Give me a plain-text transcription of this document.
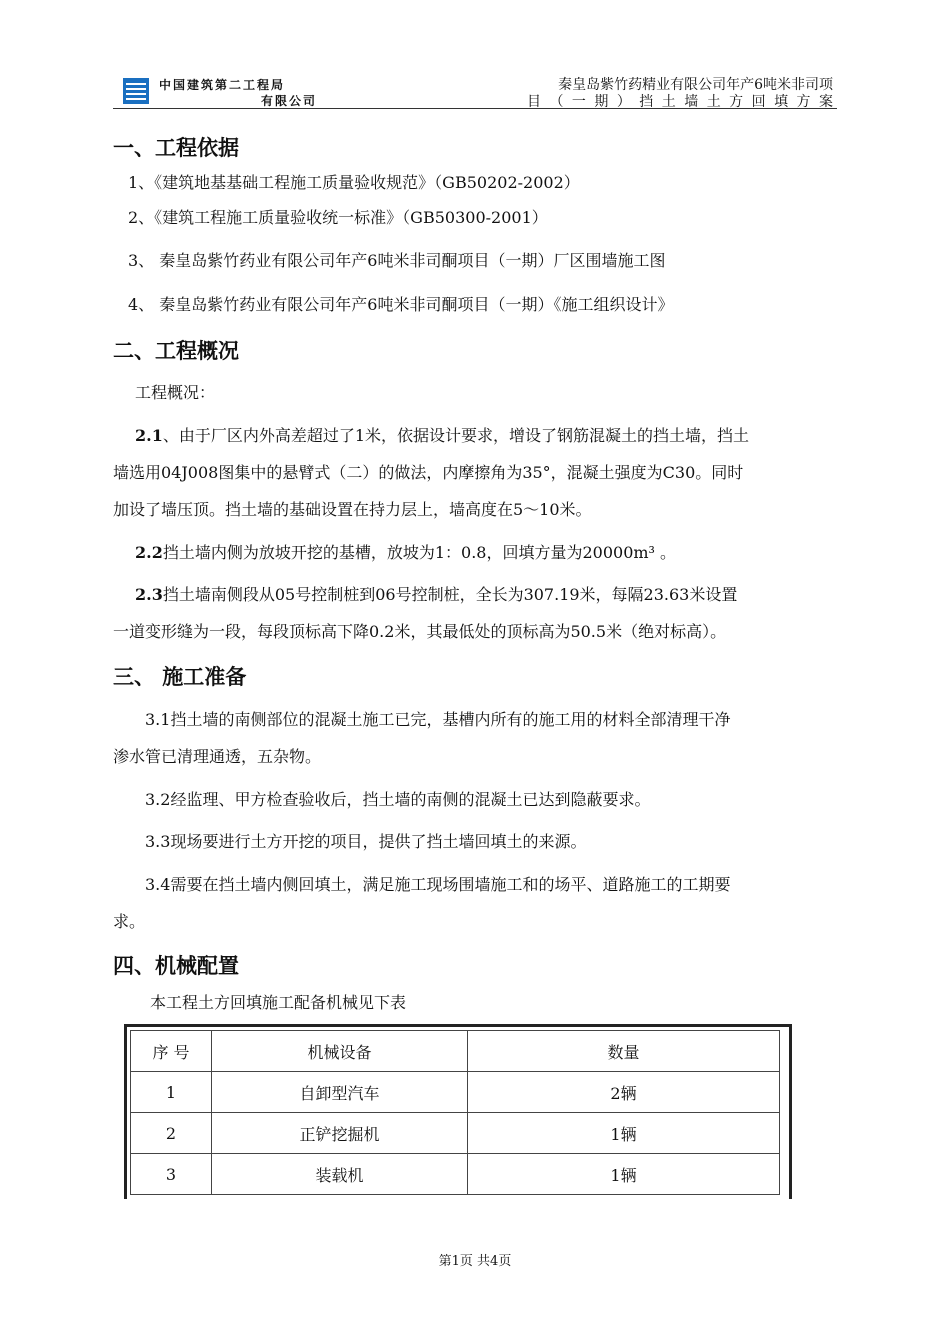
中国建筑第二工程局
有限公司
秦皇岛紫竹药精业有限公司年产6吨米非司项
目（一期）挡土墙土方回填方案
一、工程依据
1、《建筑地基基础工程施工质量验收规范》（GB50202-2002）
2、《建筑工程施工质量验收统一标准》（GB50300-2001）
3、 秦皇岛紫竹药业有限公司年产6吨米非司酮项目（一期）厂区围墙施工图
4、 秦皇岛紫竹药业有限公司年产6吨米非司酮项目（一期）《施工组织设计》
二、工程概况
工程概况：
2.1、由于厂区内外高差超过了1米，依据设计要求，增设了钢筋混凝土的挡土墙，挡土
墙选用04J008图集中的悬臂式（二）的做法，内摩擦角为35°，混凝土强度为C30。同时
加设了墙压顶。挡土墙的基础设置在持力层上，墙高度在5～10米。
2.2挡土墙内侧为放坡开挖的基槽，放坡为1：0.8，回填方量为20000m³ 。
2.3挡土墙南侧段从05号控制桩到06号控制桩，全长为307.19米，每隔23.63米设置
一道变形缝为一段，每段顶标高下降0.2米，其最低处的顶标高为50.5米（绝对标高）。
三、 施工准备
3.1挡土墙的南侧部位的混凝土施工已完，基槽内所有的施工用的材料全部清理干净
渗水管已清理通透，五杂物。
3.2经监理、甲方检查验收后，挡土墙的南侧的混凝土已达到隐蔽要求。
3.3现场要进行土方开挖的项目，提供了挡土墙回填土的来源。
3.4需要在挡土墙内侧回填土，满足施工现场围墙施工和的场平、道路施工的工期要
求。
四、机械配置
本工程土方回填施工配备机械见下表
序 号	机械设备	数量
1	自卸型汽车	2辆
2	正铲挖掘机	1辆
3	装载机	1辆
第1页 共4页
